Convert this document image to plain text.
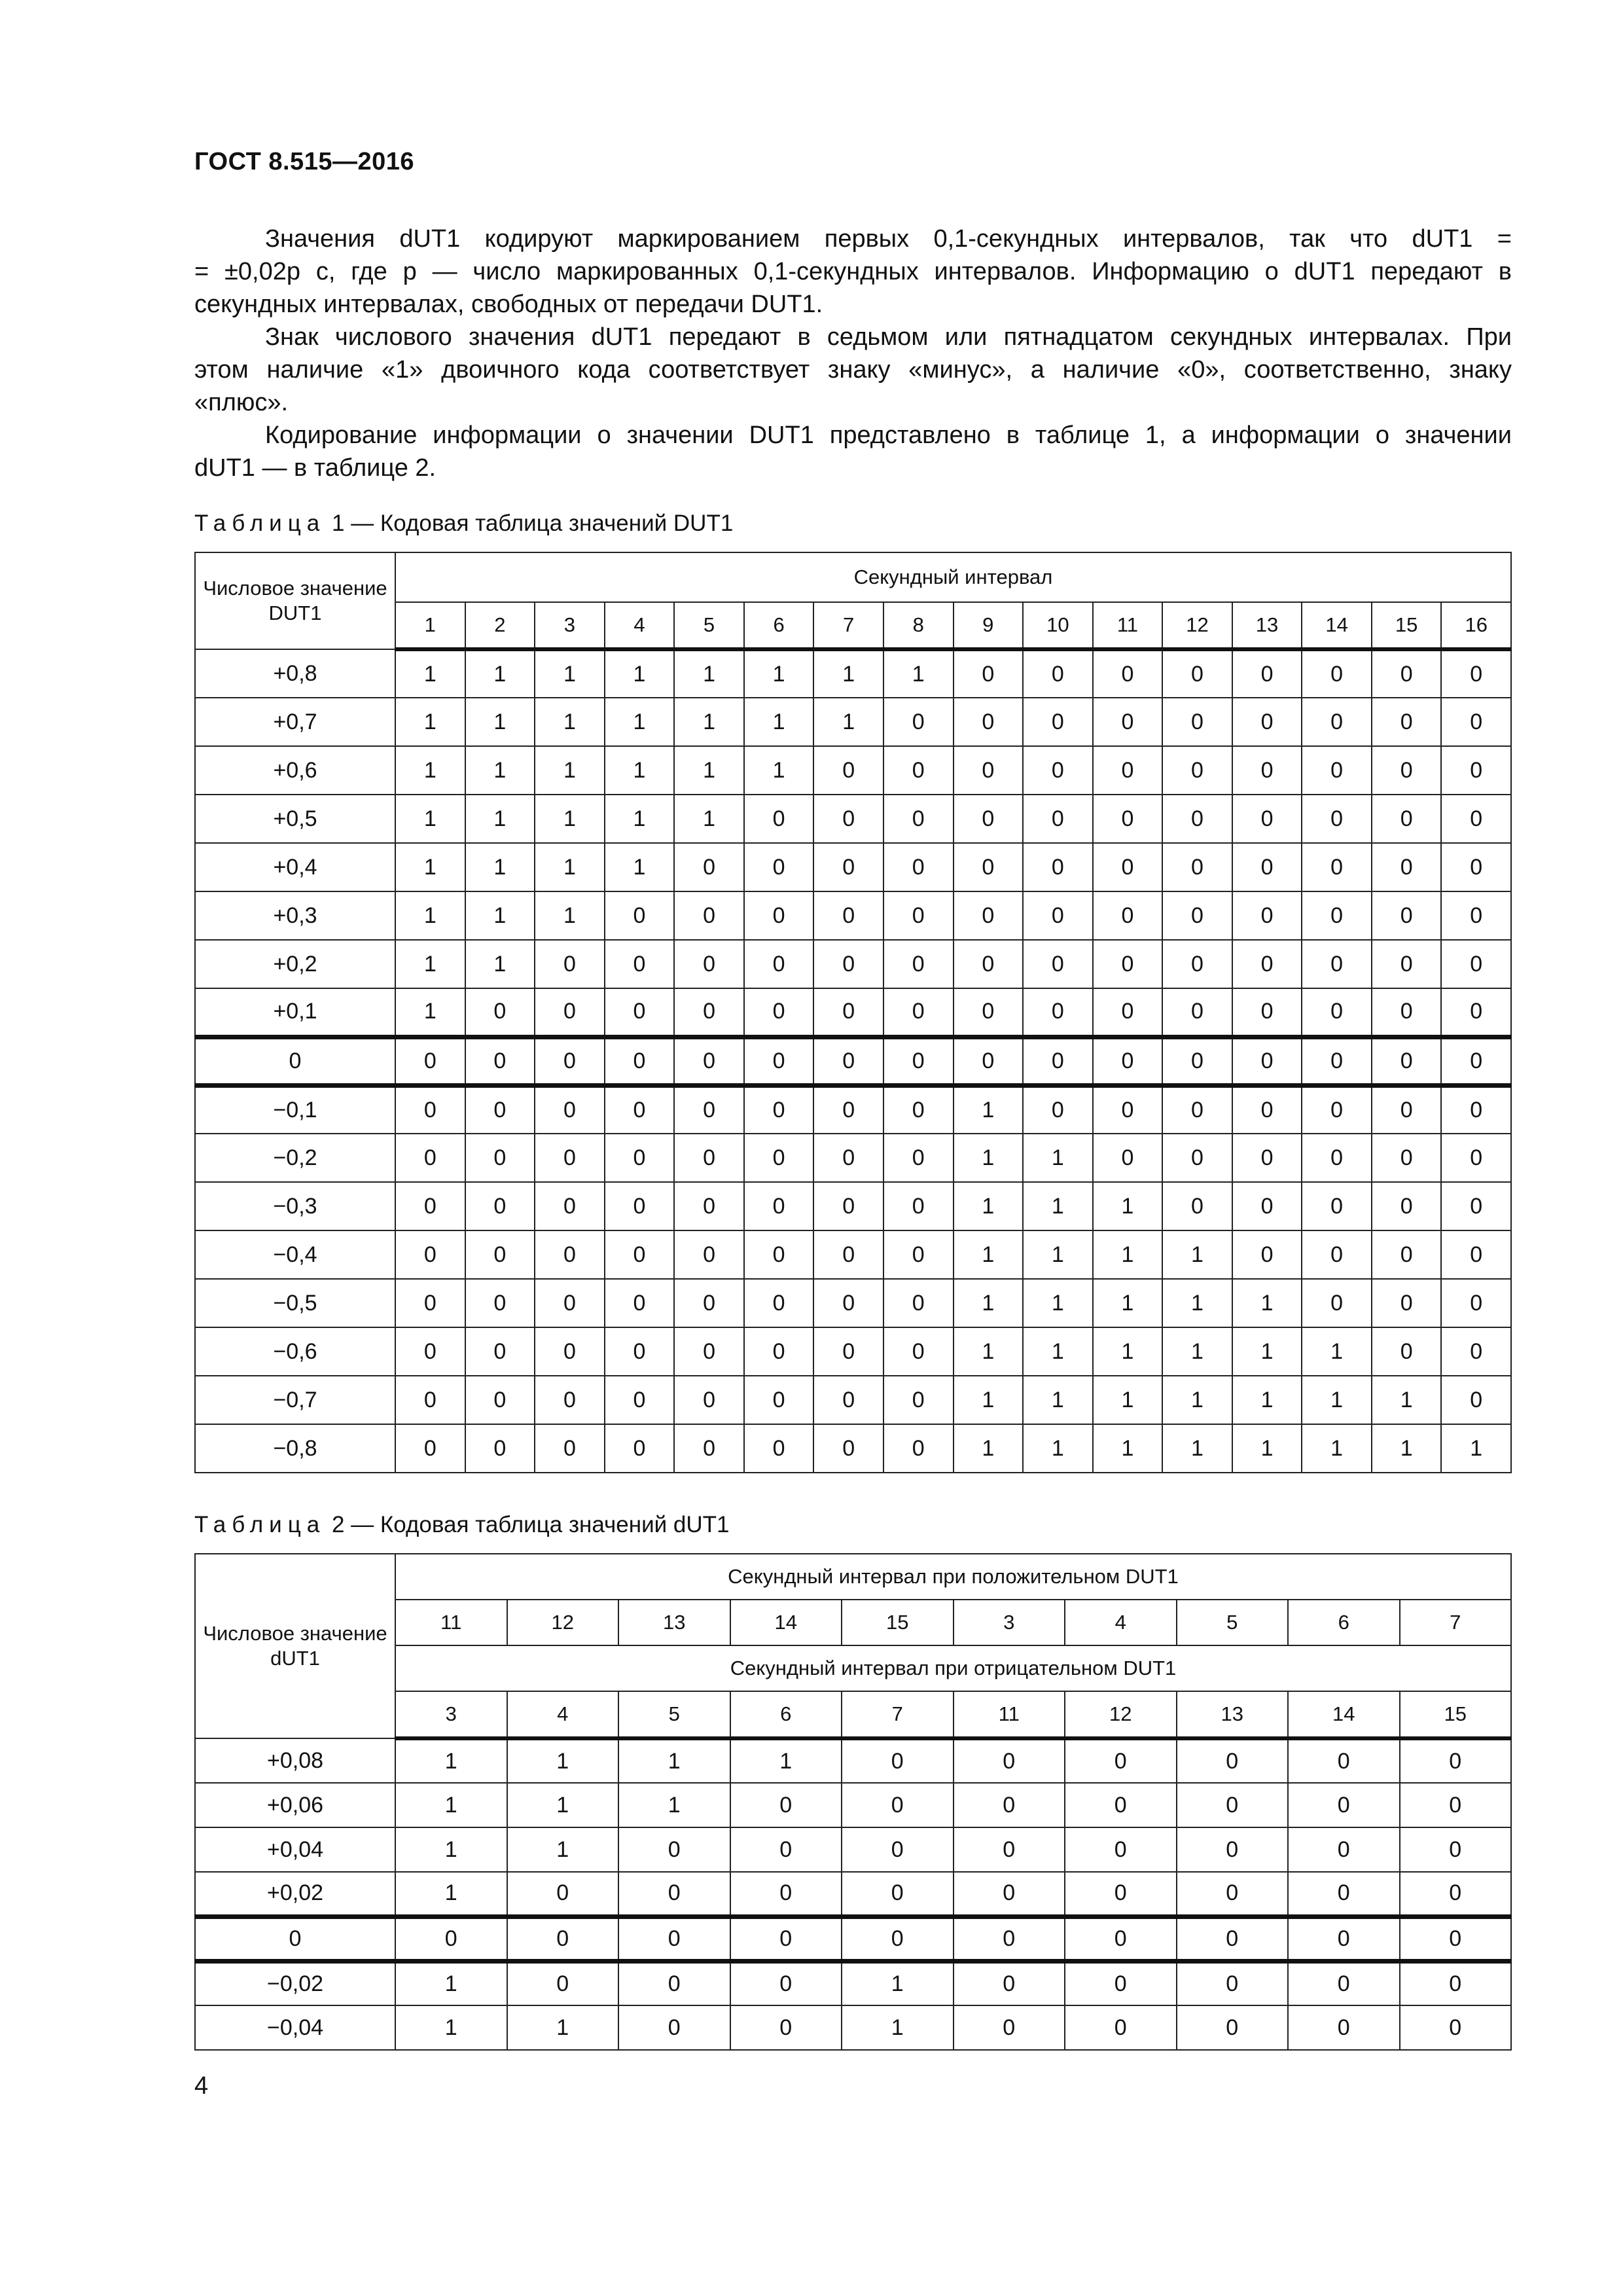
ГОСТ 8.515—2016
Значения dUT1 кодируют маркированием первых 0,1-секундных интервалов, так что dUT1 =
= ±0,02р с, где р — число маркированных 0,1-секундных интервалов. Информацию о dUT1 передают в
секундных интервалах, свободных от передачи DUT1.
Знак числового значения dUT1 передают в седьмом или пятнадцатом секундных интервалах. При
этом наличие «1» двоичного кода соответствует знаку «минус», а наличие «0», соответственно, знаку
«плюс».
Кодирование информации о значении DUT1 представлено в таблице 1, а информации о значении
dUT1 — в таблице 2.
Таблица 1 — Кодовая таблица значений DUT1
Числовое значение DUT1	Секундный интервал															
	1	2	3	4	5	6	7	8	9	10	11	12	13	14	15	16
+0,8	1	1	1	1	1	1	1	1	0	0	0	0	0	0	0	0
+0,7	1	1	1	1	1	1	1	0	0	0	0	0	0	0	0	0
+0,6	1	1	1	1	1	1	0	0	0	0	0	0	0	0	0	0
+0,5	1	1	1	1	1	0	0	0	0	0	0	0	0	0	0	0
+0,4	1	1	1	1	0	0	0	0	0	0	0	0	0	0	0	0
+0,3	1	1	1	0	0	0	0	0	0	0	0	0	0	0	0	0
+0,2	1	1	0	0	0	0	0	0	0	0	0	0	0	0	0	0
+0,1	1	0	0	0	0	0	0	0	0	0	0	0	0	0	0	0
0	0	0	0	0	0	0	0	0	0	0	0	0	0	0	0	0
−0,1	0	0	0	0	0	0	0	0	1	0	0	0	0	0	0	0
−0,2	0	0	0	0	0	0	0	0	1	1	0	0	0	0	0	0
−0,3	0	0	0	0	0	0	0	0	1	1	1	0	0	0	0	0
−0,4	0	0	0	0	0	0	0	0	1	1	1	1	0	0	0	0
−0,5	0	0	0	0	0	0	0	0	1	1	1	1	1	0	0	0
−0,6	0	0	0	0	0	0	0	0	1	1	1	1	1	1	0	0
−0,7	0	0	0	0	0	0	0	0	1	1	1	1	1	1	1	0
−0,8	0	0	0	0	0	0	0	0	1	1	1	1	1	1	1	1
Таблица 2 — Кодовая таблица значений dUT1
Числовое значение dUT1	Секундный интервал при положительном DUT1									
	11	12	13	14	15	3	4	5	6	7
	Секундный интервал при отрицательном DUT1									
	3	4	5	6	7	11	12	13	14	15
+0,08	1	1	1	1	0	0	0	0	0	0
+0,06	1	1	1	0	0	0	0	0	0	0
+0,04	1	1	0	0	0	0	0	0	0	0
+0,02	1	0	0	0	0	0	0	0	0	0
0	0	0	0	0	0	0	0	0	0	0
−0,02	1	0	0	0	1	0	0	0	0	0
−0,04	1	1	0	0	1	0	0	0	0	0
4
